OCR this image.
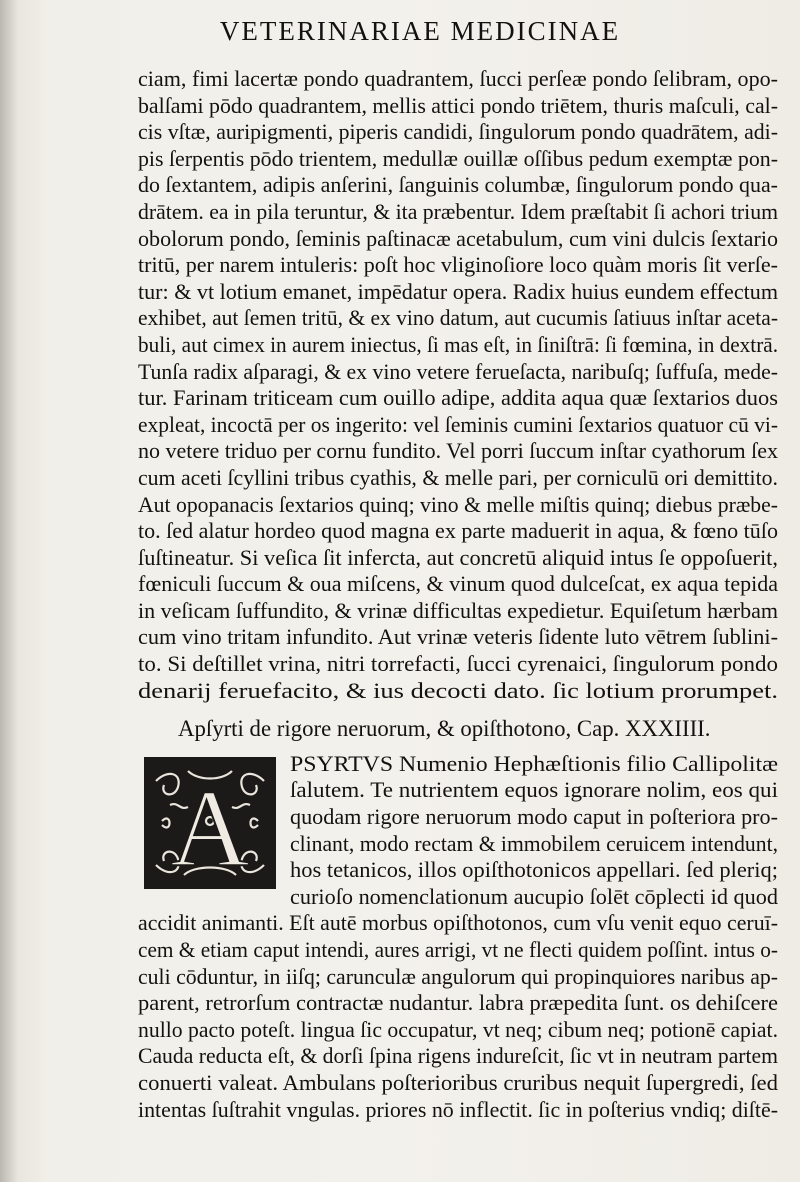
VETERINARIAE MEDICINAE
ciam, fimi lacertæ pondo quadrantem, ſucci perſeæ pondo ſelibram, opo-
balſami pōdo quadrantem, mellis attici pondo triētem, thuris maſculi, cal-
cis vſtæ, auripigmenti, piperis candidi, ſingulorum pondo quadrātem, adi-
pis ſerpentis pōdo trientem, medullæ ouillæ oſſibus pedum exemptæ pon-
do ſextantem, adipis anſerini, ſanguinis columbæ, ſingulorum pondo qua-
drātem. ea in pila teruntur, & ita præbentur. Idem præſtabit ſi achori trium
obolorum pondo, ſeminis paſtinacæ acetabulum, cum vini dulcis ſextario
tritū, per narem intuleris: poſt hoc vliginoſiore loco quàm moris ſit verſe-
tur: & vt lotium emanet, impēdatur opera. Radix huius eundem effectum
exhibet, aut ſemen tritū, & ex vino datum, aut cucumis ſatiuus inſtar aceta-
buli, aut cimex in aurem iniectus, ſi mas eſt, in ſiniſtrā: ſi fœmina, in dextrā.
Tunſa radix aſparagi, & ex vino vetere ferueſacta, naribuſq; ſuffuſa, mede-
tur. Farinam triticeam cum ouillo adipe, addita aqua quæ ſextarios duos
expleat, incoctā per os ingerito: vel ſeminis cumini ſextarios quatuor cū vi-
no vetere triduo per cornu fundito. Vel porri ſuccum inſtar cyathorum ſex
cum aceti ſcyllini tribus cyathis, & melle pari, per corniculū ori demittito.
Aut opopanacis ſextarios quinq; vino & melle miſtis quinq; diebus præbe-
to. ſed alatur hordeo quod magna ex parte maduerit in aqua, & fœno tūſo
ſuſtineatur. Si veſica ſit infercta, aut concretū aliquid intus ſe oppoſuerit,
fœniculi ſuccum & oua miſcens, & vinum quod dulceſcat, ex aqua tepida
in veſicam ſuffundito, & vrinæ difficultas expedietur. Equiſetum hærbam
cum vino tritam infundito. Aut vrinæ veteris ſidente luto vētrem ſublini-
to. Si deſtillet vrina, nitri torrefacti, ſucci cyrenaici, ſingulorum pondo
denarij feruefacito, & ius decocti dato. ſic lotium prorumpet.
Apſyrti de rigore neruorum, & opiſthotono, Cap. XXXIIII.
A
PSYRTVS Numenio Hephæſtionis filio Callipolitæ
ſalutem. Te nutrientem equos ignorare nolim, eos qui
quodam rigore neruorum modo caput in poſteriora pro-
clinant, modo rectam & immobilem ceruicem intendunt,
hos tetanicos, illos opiſthotonicos appellari. ſed pleriq;
curioſo nomenclationum aucupio ſolēt cōplecti id quod
accidit animanti. Eſt autē morbus opiſthotonos, cum vſu venit equo ceruī-
cem & etiam caput intendi, aures arrigi, vt ne flecti quidem poſſint. intus o-
culi cōduntur, in iiſq; carunculæ angulorum qui propinquiores naribus ap-
parent, retrorſum contractæ nudantur. labra præpedita ſunt. os dehiſcere
nullo pacto poteſt. lingua ſic occupatur, vt neq; cibum neq; potionē capiat.
Cauda reducta eſt, & dorſi ſpina rigens indureſcit, ſic vt in neutram partem
conuerti valeat. Ambulans poſterioribus cruribus nequit ſupergredi, ſed
intentas ſuſtrahit vngulas. priores nō inflectit. ſic in poſterius vndiq; diſtē-
